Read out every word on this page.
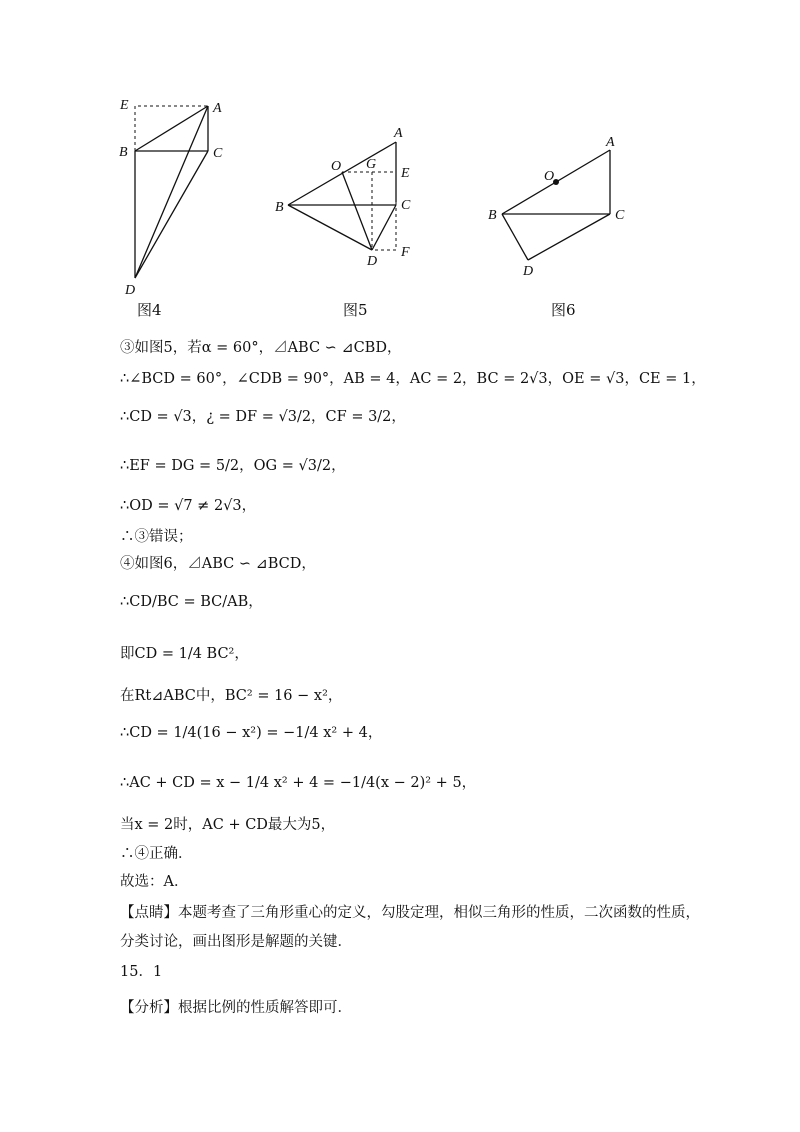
E	A
B	C
D
图4
A
O G
E
B	C
D
F
图5
A
O
B	C
D
图6
③如图5，若α = 60°，⊿ABC ∽ ⊿CBD，
∴∠BCD = 60°，∠CDB = 90°，AB = 4，AC = 2，BC = 2√3，OE = √3，CE = 1，
∴CD = √3，¿ = DF = √3/2，CF = 3/2，
∴EF = DG = 5/2，OG = √3/2，
∴OD = √7 ≠ 2√3，
∴③错误；
④如图6，⊿ABC ∽ ⊿BCD，
∴CD/BC = BC/AB，
即CD = 1/4 BC²，
在Rt⊿ABC中，BC² = 16 − x²，
∴CD = 1/4(16 − x²) = −1/4 x² + 4，
∴AC + CD = x − 1/4 x² + 4 = −1/4(x − 2)² + 5，
当x = 2时，AC + CD最大为5，
∴④正确．
故选：A．
【点睛】本题考查了三角形重心的定义，勾股定理，相似三角形的性质，二次函数的性质，
分类讨论，画出图形是解题的关键．
15．1
【分析】根据比例的性质解答即可．
